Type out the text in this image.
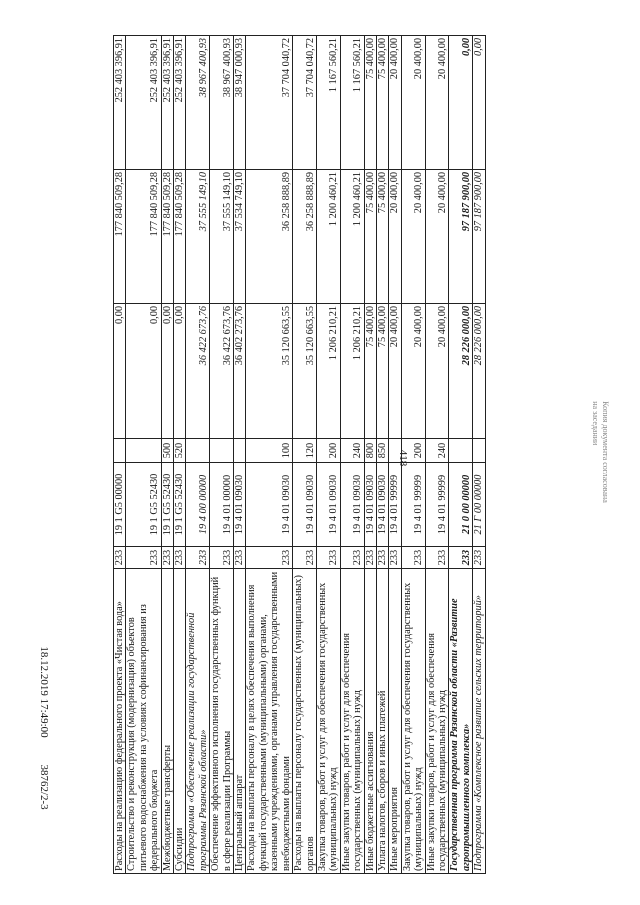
418
18.12.2019 17:49:00 38762/2-3
Копия документа согласована
на заседании
Расходы на реализацию федерального проекта «Чистая вода»	233	19 1 G5 00000		0,00	177 840 509,28	252 403 396,91
Строительство и реконструкция (модернизация) объектов питьевого водоснабжения на условиях софинансирования из федерального бюджета	233	19 1 G5 52430		0,00	177 840 509,28	252 403 396,91
Межбюджетные трансферты	233	19 1 G5 52430	500	0,00	177 840 509,28	252 403 396,91
Субсидии	233	19 1 G5 52430	520	0,00	177 840 509,28	252 403 396,91
Подпрограмма «Обеспечение реализации государственной программы Рязанской области»	233	19 4 00 00000		36 422 673,76	37 555 149,10	38 967 400,93
Обеспечение эффективного исполнения государственных функций в сфере реализации Программы	233	19 4 01 00000		36 422 673,76	37 555 149,10	38 967 400,93
Центральный аппарат	233	19 4 01 09030		36 402 273,76	37 534 749,10	38 947 000,93
Расходы на выплаты персоналу в целях обеспечения выполнения функций государственными (муниципальными) органами, казенными учреждениями, органами управления государственными внебюджетными фондами	233	19 4 01 09030	100	35 120 663,55	36 258 888,89	37 704 040,72
Расходы на выплаты персоналу государственных (муниципальных) органов	233	19 4 01 09030	120	35 120 663,55	36 258 888,89	37 704 040,72
Закупка товаров, работ и услуг для обеспечения государственных (муниципальных) нужд	233	19 4 01 09030	200	1 206 210,21	1 200 460,21	1 167 560,21
Иные закупки товаров, работ и услуг для обеспечения государственных (муниципальных) нужд	233	19 4 01 09030	240	1 206 210,21	1 200 460,21	1 167 560,21
Иные бюджетные ассигнования	233	19 4 01 09030	800	75 400,00	75 400,00	75 400,00
Уплата налогов, сборов и иных платежей	233	19 4 01 09030	850	75 400,00	75 400,00	75 400,00
Иные мероприятия	233	19 4 01 99999		20 400,00	20 400,00	20 400,00
Закупка товаров, работ и услуг для обеспечения государственных (муниципальных) нужд	233	19 4 01 99999	200	20 400,00	20 400,00	20 400,00
Иные закупки товаров, работ и услуг для обеспечения государственных (муниципальных) нужд	233	19 4 01 99999	240	20 400,00	20 400,00	20 400,00
Государственная программа Рязанской области «Развитие агропромышленного комплекса»	233	21 0 00 00000		28 226 000,00	97 187 900,00	0,00
Подпрограмма «Комплексное развитие сельских территорий»	233	21 Г 00 00000		28 226 000,00	97 187 900,00	0,00
